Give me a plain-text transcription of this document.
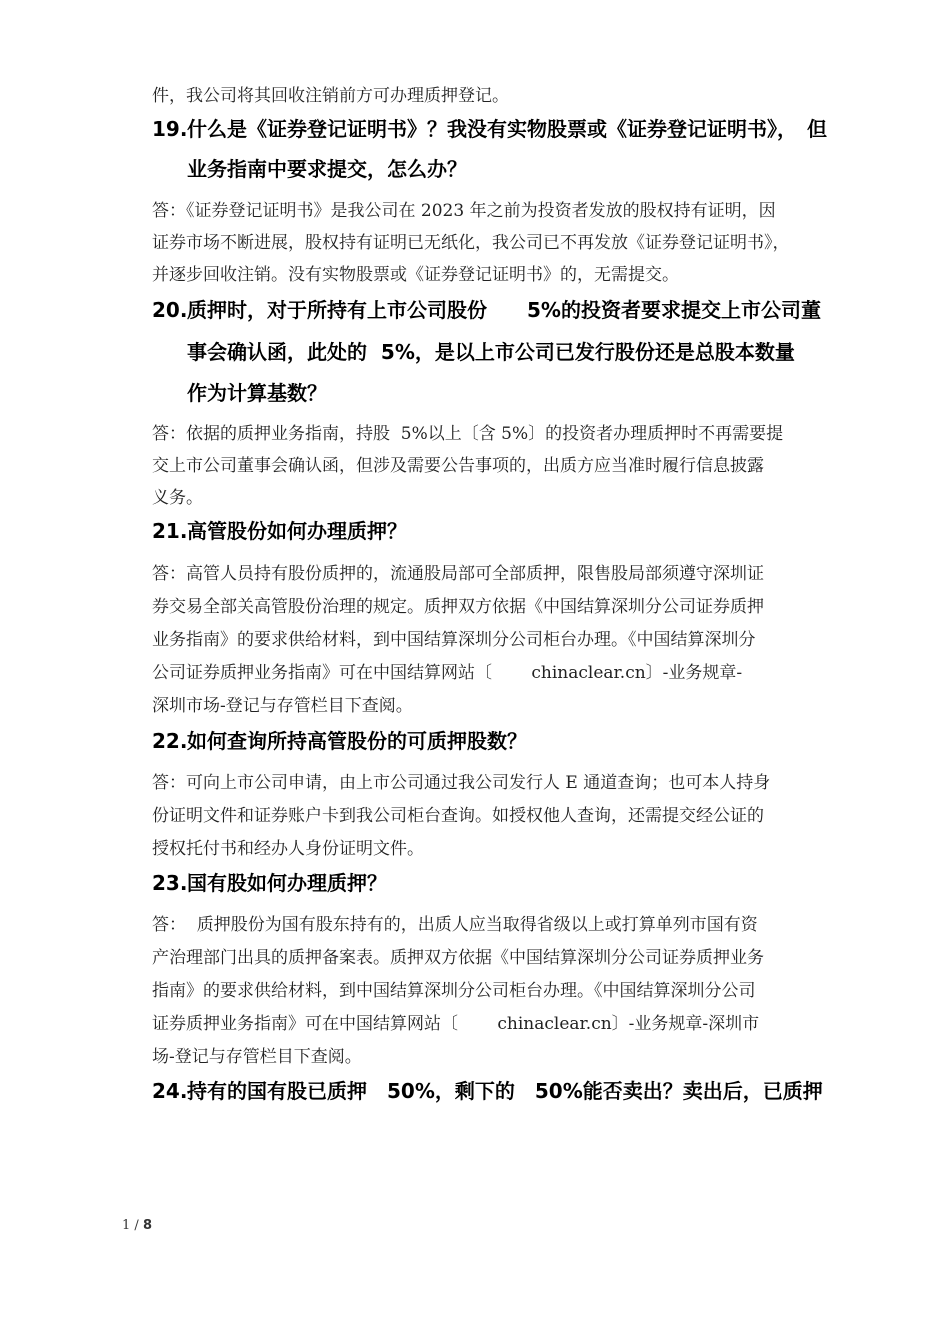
件，我公司将其回收注销前方可办理质押登记。
19. 什么是《证券登记证明书》？我没有实物股票或《证券登记证明书》，　但
业务指南中要求提交，怎么办？
答：《证券登记证明书》是我公司在 2023 年之前为投资者发放的股权持有证明，因
证券市场不断进展，股权持有证明已无纸化，我公司已不再发放《证券登记证明书》，
并逐步回收注销。没有实物股票或《证券登记证明书》的，无需提交。
20. 质押时，对于所持有上市公司股份　　5%的投资者要求提交上市公司董
事会确认函，此处的  5%，是以上市公司已发行股份还是总股本数量
作为计算基数？
答：依据的质押业务指南，持股  5%以上〔含 5%〕的投资者办理质押时不再需要提
交上市公司董事会确认函，但涉及需要公告事项的，出质方应当准时履行信息披露
义务。
21. 高管股份如何办理质押？
答：高管人员持有股份质押的，流通股局部可全部质押，限售股局部须遵守深圳证
券交易全部关高管股份治理的规定。质押双方依据《中国结算深圳分公司证券质押
业务指南》的要求供给材料，到中国结算深圳分公司柜台办理。《中国结算深圳分
公司证券质押业务指南》可在中国结算网站〔　　 chinaclear.cn〕-业务规章-
深圳市场-登记与存管栏目下查阅。
22. 如何查询所持高管股份的可质押股数？
答：可向上市公司申请，由上市公司通过我公司发行人 E 通道查询；也可本人持身
份证明文件和证券账户卡到我公司柜台查询。如授权他人查询，还需提交经公证的
授权托付书和经办人身份证明文件。
23. 国有股如何办理质押？
答：  质押股份为国有股东持有的，出质人应当取得省级以上或打算单列市国有资
产治理部门出具的质押备案表。质押双方依据《中国结算深圳分公司证券质押业务
指南》的要求供给材料，到中国结算深圳分公司柜台办理。《中国结算深圳分公司
证券质押业务指南》可在中国结算网站〔　　 chinaclear.cn〕-业务规章-深圳市
场-登记与存管栏目下查阅。
24. 持有的国有股已质押　50%，剩下的　50%能否卖出？卖出后，已质押
1 / 8
